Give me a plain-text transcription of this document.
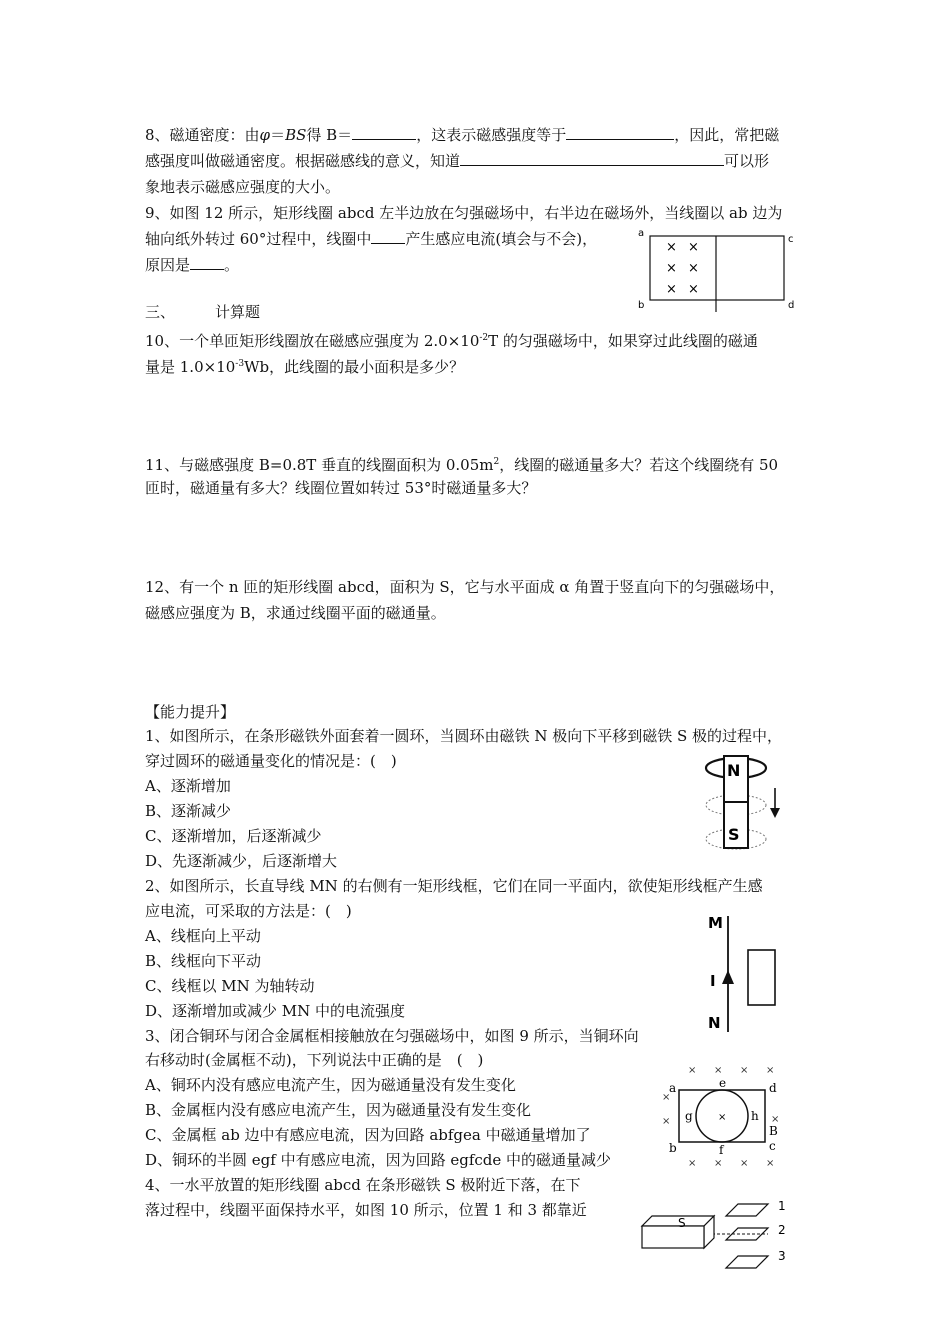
8、磁通密度：由φ＝BS得 B＝	，这表示磁感强度等于	，因此，常把磁
感强度叫做磁通密度。根据磁感线的意义，知道	可以形
象地表示磁感应强度的大小。
9、如图 12 所示，矩形线圈 abcd 左半边放在匀强磁场中，右半边在磁场外，当线圈以 ab 边为
轴向纸外转过 60°过程中，线圈中 产生感应电流(填会与不会)，
原因是 。
a
c
b	d
× ×
× ×
× ×
三、	计算题
10、一个单匝矩形线圈放在磁感应强度为 $2.0\times 10^{-2}T$ 的匀强磁场中，如果穿过此线圈的磁通
量是 $1.0\times 10^{-3}Wb$，此线圈的最小面积是多少？
11、与磁感强度 B=0.8T 垂直的线圈面积为 $0.05m^2$，线圈的磁通量多大？若这个线圈绕有 50
匝时，磁通量有多大？线圈位置如转过 53°时磁通量多大？
12、有一个 n 匝的矩形线圈 abcd，面积为 S，它与水平面成 α 角置于竖直向下的匀强磁场中，
磁感应强度为 B，求通过线圈平面的磁通量。
【能力提升】
1、如图所示，在条形磁铁外面套着一圆环，当圆环由磁铁 N 极向下平移到磁铁 S 极的过程中，
穿过圆环的磁通量变化的情况是：(　)
A、逐渐增加
B、逐渐减少
C、逐渐增加，后逐渐减少
D、先逐渐减少，后逐渐增大
N
S
2、如图所示，长直导线 MN 的右侧有一矩形线框，它们在同一平面内，欲使矩形线框产生感
应电流，可采取的方法是：(　)
A、线框向上平动
B、线框向下平动
C、线框以 MN 为轴转动
D、逐渐增加或减少 MN 中的电流强度
M
I
N
3、闭合铜环与闭合金属框相接触放在匀强磁场中，如图 9 所示，当铜环向
右移动时(金属框不动)，下列说法中正确的是　(　)
A、铜环内没有感应电流产生，因为磁通量没有发生变化
B、金属框内没有感应电流产生，因为磁通量没有发生变化
C、金属框 ab 边中有感应电流，因为回路 abfgea 中磁通量增加了
D、铜环的半圆 egf 中有感应电流，因为回路 egfcde 中的磁通量减少
× × × ×
×
×	×
× × × ×
×
a	e	d
g	h
B
b	f	c
4、一水平放置的矩形线圈 abcd 在条形磁铁 S 极附近下落，在下
落过程中，线圈平面保持水平，如图 10 所示，位置 1 和 3 都靠近
S
1
2
3
